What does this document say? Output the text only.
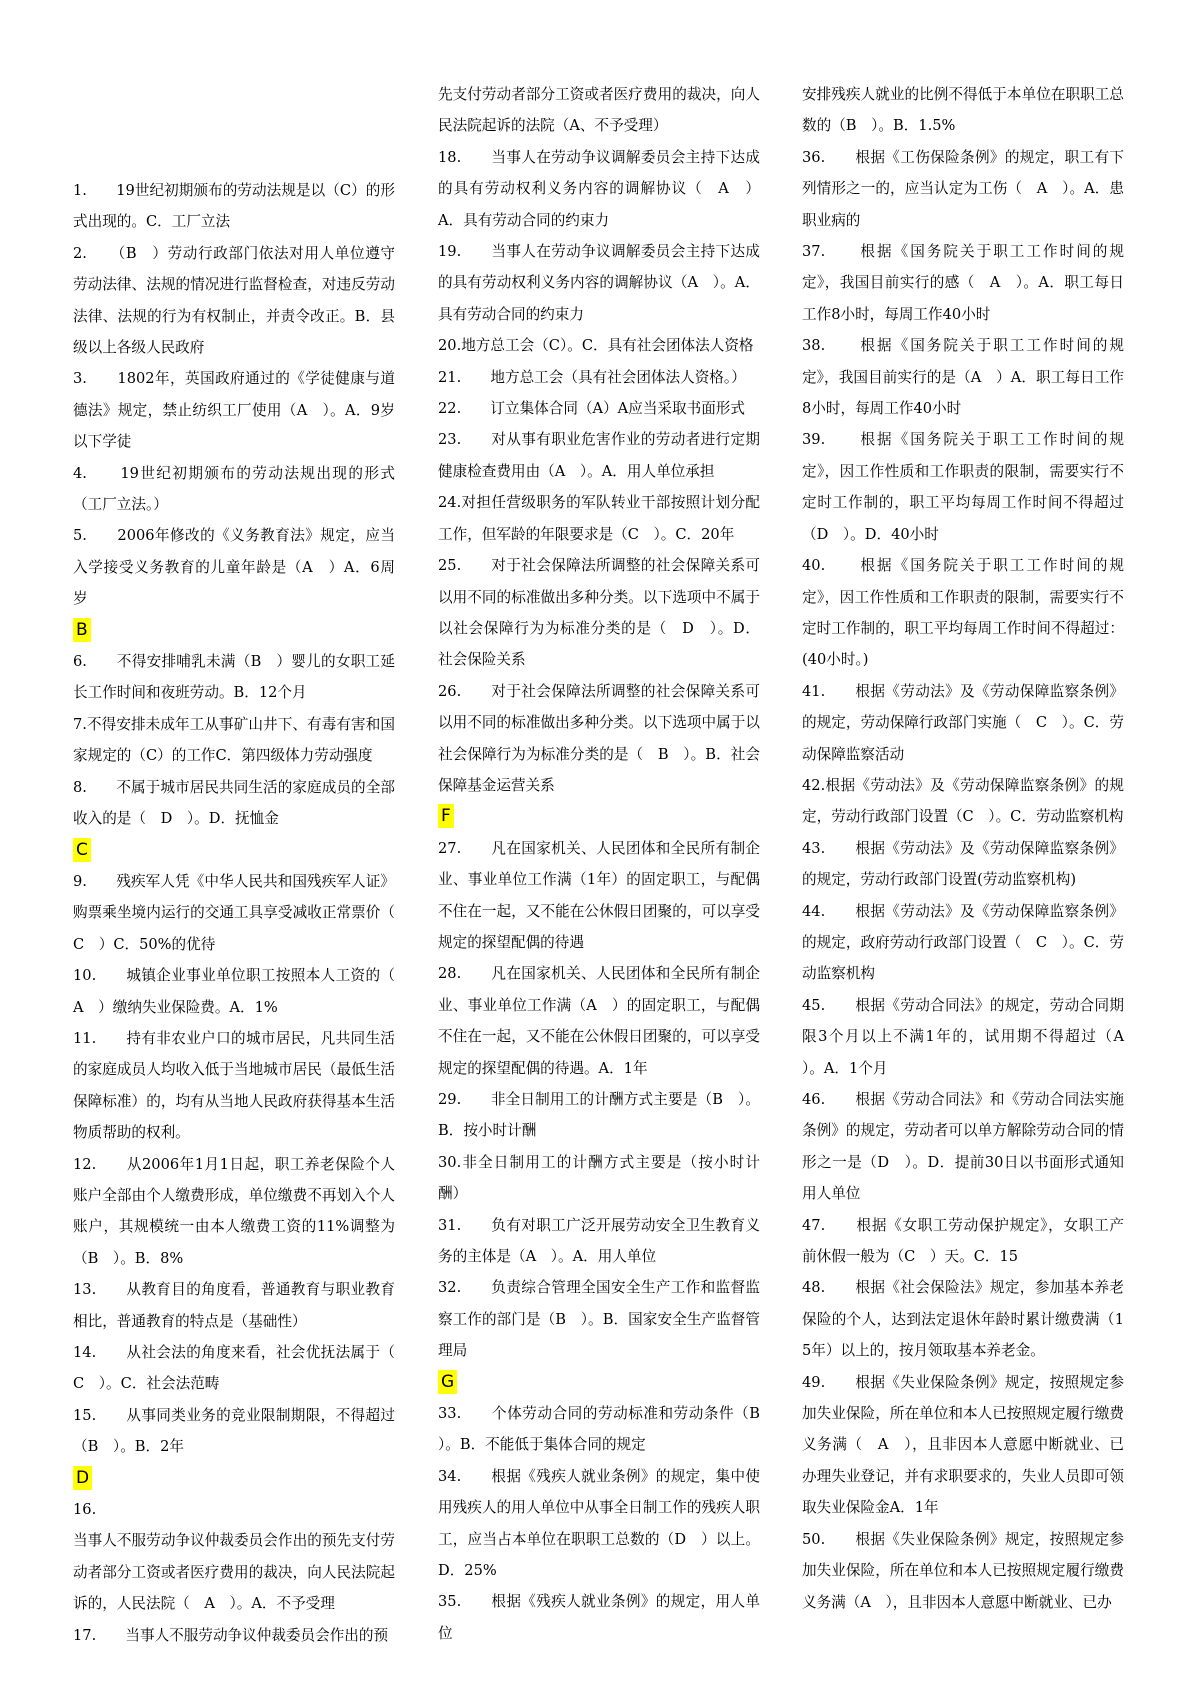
1.　　19世纪初期颁布的劳动法规是以（C）的形式出现的。C．工厂立法

2.　　（B　）劳动行政部门依法对用人单位遵守劳动法律、法规的情况进行监督检查，对违反劳动法律、法规的行为有权制止，并责令改正。B．县级以上各级人民政府

3.　　1802年，英国政府通过的《学徒健康与道德法》规定，禁止纺织工厂使用（A　）。A．9岁以下学徒

4.　　19世纪初期颁布的劳动法规出现的形式（工厂立法。）

5.　　2006年修改的《义务教育法》规定，应当入学接受义务教育的儿童年龄是（A　）A．6周岁

B

6.　　不得安排哺乳未满（B　）婴儿的女职工延长工作时间和夜班劳动。B．12个月

7.不得安排未成年工从事矿山井下、有毒有害和国家规定的（C）的工作C．第四级体力劳动强度

8.　　不属于城市居民共同生活的家庭成员的全部收入的是（　D　）。D．抚恤金

C

9.　　残疾军人凭《中华人民共和国残疾军人证》购票乘坐境内运行的交通工具享受减收正常票价（　C　）C．50%的优待

10.　　城镇企业事业单位职工按照本人工资的（　A　）缴纳失业保险费。A．1%

11.　　持有非农业户口的城市居民，凡共同生活的家庭成员人均收入低于当地城市居民（最低生活保障标准）的，均有从当地人民政府获得基本生活物质帮助的权利。

12.　　从2006年1月1日起，职工养老保险个人账户全部由个人缴费形成，单位缴费不再划入个人账户，其规模统一由本人缴费工资的11%调整为（B　）。B．8%

13.　　从教育目的角度看，普通教育与职业教育相比，普通教育的特点是（基础性）

14.　　从社会法的角度来看，社会优抚法属于（　C　）。C．社会法范畴

15.　　从事同类业务的竞业限制期限，不得超过（B　）。B．2年

D

16.

当事人不服劳动争议仲裁委员会作出的预先支付劳动者部分工资或者医疗费用的裁决，向人民法院起诉的，人民法院（　A　）。A．不予受理

17.　　当事人不服劳动争议仲裁委员会作出的预

先支付劳动者部分工资或者医疗费用的裁决，向人民法院起诉的法院（A、不予受理）

18.　　当事人在劳动争议调解委员会主持下达成的具有劳动权利义务内容的调解协议（　A　）A．具有劳动合同的约束力

19.　　当事人在劳动争议调解委员会主持下达成的具有劳动权利义务内容的调解协议（A　）。A．具有劳动合同的约束力

20.地方总工会（C）。C．具有社会团体法人资格

21.　　地方总工会（具有社会团体法人资格。）

22.　　订立集体合同（A）A应当采取书面形式

23.　　对从事有职业危害作业的劳动者进行定期健康检查费用由（A　）。A．用人单位承担

24.对担任营级职务的军队转业干部按照计划分配工作，但军龄的年限要求是（C　）。C．20年

25.　　对于社会保障法所调整的社会保障关系可以用不同的标准做出多种分类。以下选项中不属于以社会保障行为为标准分类的是（　D　）。D．社会保险关系

26.　　对于社会保障法所调整的社会保障关系可以用不同的标准做出多种分类。以下选项中属于以社会保障行为为标准分类的是（　B　）。B．社会保障基金运营关系

F

27.　　凡在国家机关、人民团体和全民所有制企业、事业单位工作满（1年）的固定职工，与配偶不住在一起，又不能在公休假日团聚的，可以享受规定的探望配偶的待遇

28.　　凡在国家机关、人民团体和全民所有制企业、事业单位工作满（A　）的固定职工，与配偶不住在一起，又不能在公休假日团聚的，可以享受规定的探望配偶的待遇。A．1年

29.　　非全日制用工的计酬方式主要是（B　）。B．按小时计酬

30.非全日制用工的计酬方式主要是（按小时计酬）

31.　　负有对职工广泛开展劳动安全卫生教育义务的主体是（A　）。A．用人单位

32.　　负责综合管理全国安全生产工作和监督监察工作的部门是（B　）。B．国家安全生产监督管理局

G

33.　　个体劳动合同的劳动标准和劳动条件（B　）。B．不能低于集体合同的规定

34.　　根据《残疾人就业条例》的规定，集中使用残疾人的用人单位中从事全日制工作的残疾人职工，应当占本单位在职职工总数的（D　）以上。D．25%

35.　　根据《残疾人就业条例》的规定，用人单位

安排残疾人就业的比例不得低于本单位在职职工总数的（B　）。B．1.5%

36.　　根据《工伤保险条例》的规定，职工有下列情形之一的，应当认定为工伤（　A　）。A．患职业病的

37.　　根据《国务院关于职工工作时间的规定》，我国目前实行的感（　A　）。A．职工每日工作8小时，每周工作40小时

38.　　根据《国务院关于职工工作时间的规定》，我国目前实行的是（A　）A．职工每日工作8小时，每周工作40小时

39.　　根据《国务院关于职工工作时间的规定》，因工作性质和工作职责的限制，需要实行不定时工作制的，职工平均每周工作时间不得超过（D　）。D．40小时

40.　　根据《国务院关于职工工作时间的规定》，因工作性质和工作职责的限制，需要实行不定时工作制的，职工平均每周工作时间不得超过：(40小时。)

41.　　根据《劳动法》及《劳动保障监察条例》的规定，劳动保障行政部门实施（　C　）。C．劳动保障监察活动

42.根据《劳动法》及《劳动保障监察条例》的规定，劳动行政部门设置（C　）。C．劳动监察机构

43.　　根据《劳动法》及《劳动保障监察条例》的规定，劳动行政部门设置(劳动监察机构)

44.　　根据《劳动法》及《劳动保障监察条例》的规定，政府劳动行政部门设置（　C　）。C．劳动监察机构

45.　　根据《劳动合同法》的规定，劳动合同期限3个月以上不满1年的，试用期不得超过（A　）。A．1个月

46.　　根据《劳动合同法》和《劳动合同法实施条例》的规定，劳动者可以单方解除劳动合同的情形之一是（D　）。D．提前30日以书面形式通知用人单位

47.　　根据《女职工劳动保护规定》，女职工产前休假一般为（C　）天。C．15

48.　　根据《社会保险法》规定，参加基本养老保险的个人，达到法定退休年龄时累计缴费满（15年）以上的，按月领取基本养老金。

49.　　根据《失业保险条例》规定，按照规定参加失业保险，所在单位和本人已按照规定履行缴费义务满（　A　），且非因本人意愿中断就业、已办理失业登记，并有求职要求的，失业人员即可领取失业保险金A．1年

50.　　根据《失业保险条例》规定，按照规定参加失业保险，所在单位和本人已按照规定履行缴费义务满（A　），且非因本人意愿中断就业、已办
